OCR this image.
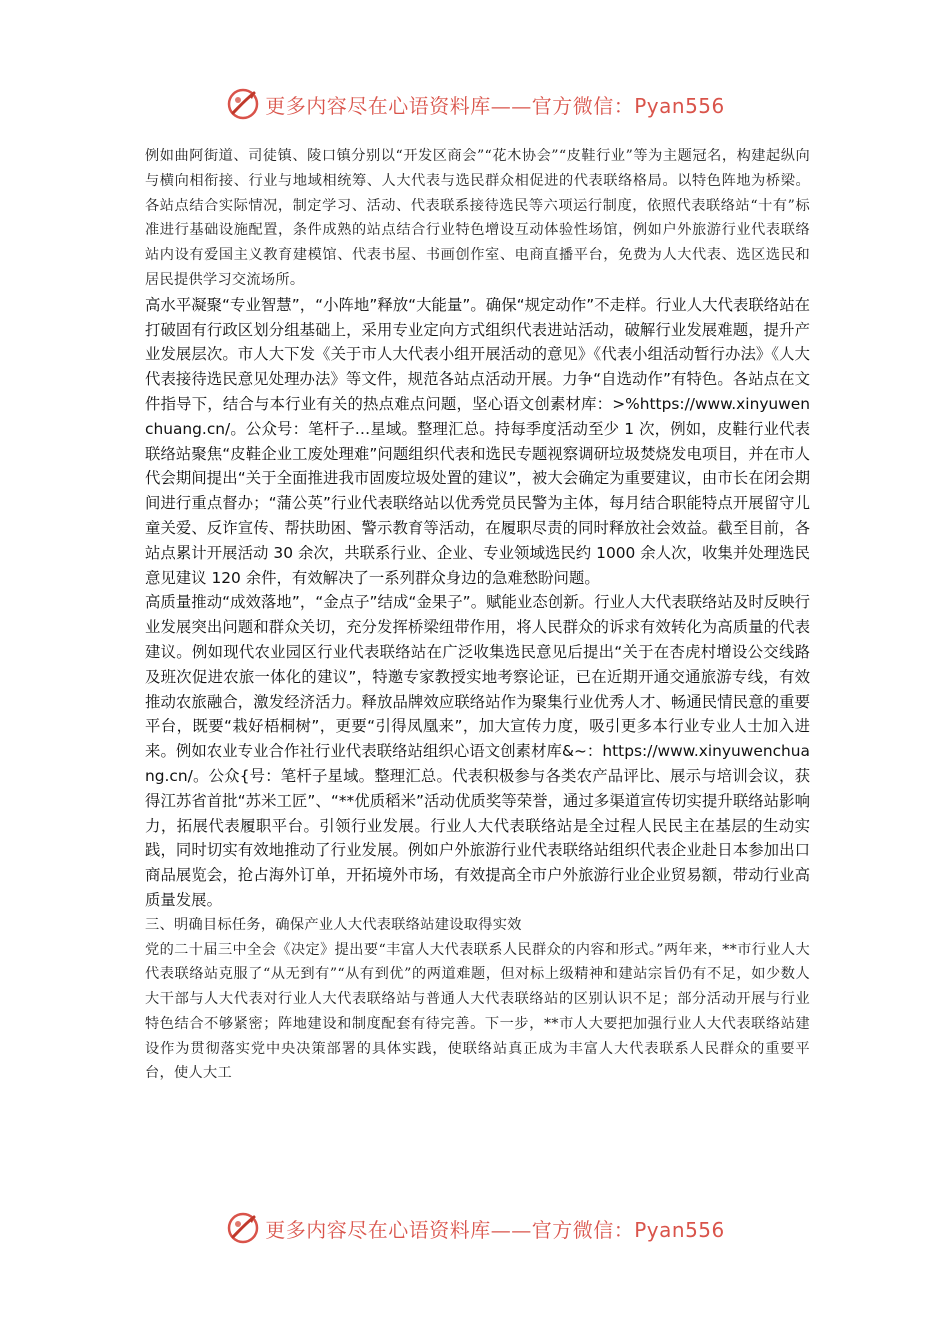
更多内容尽在心语资料库——官方微信：Pyan556

例如曲阿街道、司徒镇、陵口镇分别以“开发区商会”“花木协会”“皮鞋行业”等为主题冠名，构建起纵向与横向相衔接、行业与地域相统筹、人大代表与选民群众相促进的代表联络格局。以特色阵地为桥梁。各站点结合实际情况，制定学习、活动、代表联系接待选民等六项运行制度，依照代表联络站“十有”标准进行基础设施配置，条件成熟的站点结合行业特色增设互动体验性场馆，例如户外旅游行业代表联络站内设有爱国主义教育建模馆、代表书屋、书画创作室、电商直播平台，免费为人大代表、选区选民和居民提供学习交流场所。

高水平凝聚“专业智慧”，“小阵地”释放“大能量”。确保“规定动作”不走样。行业人大代表联络站在打破固有行政区划分组基础上，采用专业定向方式组织代表进站活动，破解行业发展难题，提升产业发展层次。市人大下发《关于市人大代表小组开展活动的意见》《代表小组活动暂行办法》《人大代表接待选民意见处理办法》等文件，规范各站点活动开展。力争“自选动作”有特色。各站点在文件指导下，结合与本行业有关的热点难点问题，坚心语文创素材库：>%https://www.xinyuwenchuang.cn/。公众号：笔杆子…星域。整理汇总。持每季度活动至少 1 次，例如，皮鞋行业代表联络站聚焦“皮鞋企业工废处理难”问题组织代表和选民专题视察调研垃圾焚烧发电项目，并在市人代会期间提出“关于全面推进我市固废垃圾处置的建议”，被大会确定为重要建议，由市长在闭会期间进行重点督办；“蒲公英”行业代表联络站以优秀党员民警为主体，每月结合职能特点开展留守儿童关爱、反诈宣传、帮扶助困、警示教育等活动，在履职尽责的同时释放社会效益。截至目前，各站点累计开展活动 30 余次，共联系行业、企业、专业领域选民约 1000 余人次，收集并处理选民意见建议 120 余件，有效解决了一系列群众身边的急难愁盼问题。

高质量推动“成效落地”，“金点子”结成“金果子”。赋能业态创新。行业人大代表联络站及时反映行业发展突出问题和群众关切，充分发挥桥梁纽带作用，将人民群众的诉求有效转化为高质量的代表建议。例如现代农业园区行业代表联络站在广泛收集选民意见后提出“关于在杏虎村增设公交线路及班次促进农旅一体化的建议”，特邀专家教授实地考察论证，已在近期开通交通旅游专线，有效推动农旅融合，激发经济活力。释放品牌效应联络站作为聚集行业优秀人才、畅通民情民意的重要平台，既要“栽好梧桐树”，更要“引得凤凰来”，加大宣传力度，吸引更多本行业专业人士加入进来。例如农业专业合作社行业代表联络站组织心语文创素材库&~：https://www.xinyuwenchuang.cn/。公众{号：笔杆子星域。整理汇总。代表积极参与各类农产品评比、展示与培训会议，获得江苏省首批“苏米工匠”、“**优质稻米”活动优质奖等荣誉，通过多渠道宣传切实提升联络站影响力，拓展代表履职平台。引领行业发展。行业人大代表联络站是全过程人民民主在基层的生动实践，同时切实有效地推动了行业发展。例如户外旅游行业代表联络站组织代表企业赴日本参加出口商品展览会，抢占海外订单，开拓境外市场，有效提高全市户外旅游行业企业贸易额，带动行业高质量发展。

三、明确目标任务，确保产业人大代表联络站建设取得实效

党的二十届三中全会《决定》提出要“丰富人大代表联系人民群众的内容和形式。”两年来，**市行业人大代表联络站克服了“从无到有”“从有到优”的两道难题，但对标上级精神和建站宗旨仍有不足，如少数人大干部与人大代表对行业人大代表联络站与普通人大代表联络站的区别认识不足；部分活动开展与行业特色结合不够紧密；阵地建设和制度配套有待完善。下一步，**市人大要把加强行业人大代表联络站建设作为贯彻落实党中央决策部署的具体实践，使联络站真正成为丰富人大代表联系人民群众的重要平台，使人大工

更多内容尽在心语资料库——官方微信：Pyan556
